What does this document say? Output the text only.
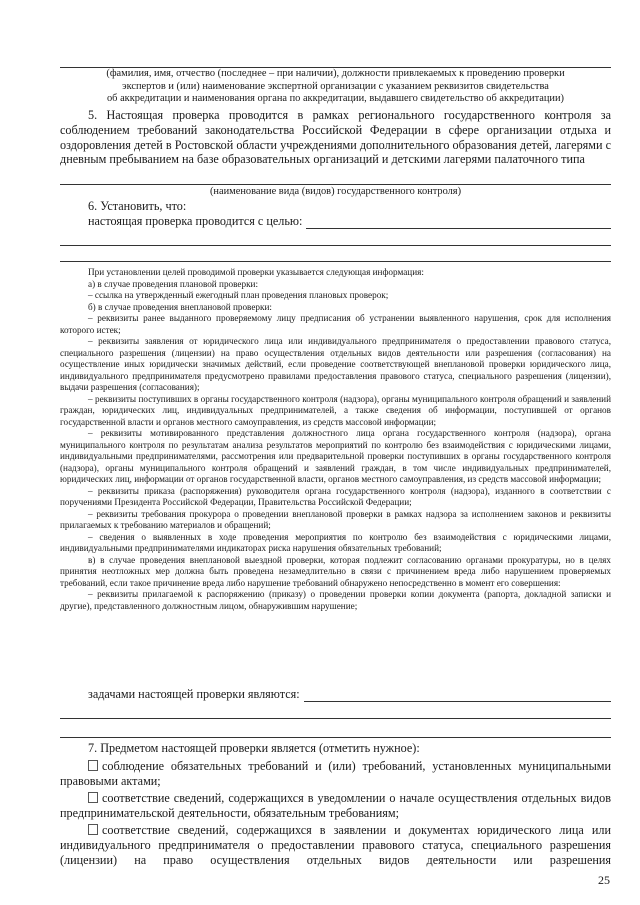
(фамилия, имя, отчество (последнее – при наличии), должности привлекаемых к проведению проверки
экспертов и (или) наименование экспертной организации с указанием реквизитов свидетельства
об аккредитации и наименования органа по аккредитации, выдавшего свидетельство об аккредитации)
5. Настоящая проверка проводится в рамках регионального государственного контроля за соблюдением требований законодательства Российской Федерации в сфере организации отдыха и оздоровления детей в Ростовской области учреждениями дополнительного образования детей, лагерями с дневным пребыванием на базе образовательных организаций и детскими лагерями палаточного типа
(наименование вида (видов) государственного контроля)
6. Установить, что:
настоящая проверка проводится с целью:

При установлении целей проводимой проверки указывается следующая информация:

а) в случае проведения плановой проверки:

– ссылка на утвержденный ежегодный план проведения плановых проверок;

б) в случае проведения внеплановой проверки:

– реквизиты ранее выданного проверяемому лицу предписания об устранении выявленного нарушения, срок для исполнения которого истек;

– реквизиты заявления от юридического лица или индивидуального предпринимателя о предоставлении правового статуса, специального разрешения (лицензии) на право осуществления отдельных видов деятельности или разрешения (согласования) на осуществление иных юридически значимых действий, если проведение соответствующей внеплановой проверки юридического лица, индивидуального предпринимателя предусмотрено правилами предоставления правового статуса, специального разрешения (лицензии), выдачи разрешения (согласования);

– реквизиты поступивших в органы государственного контроля (надзора), органы муниципального контроля обращений и заявлений граждан, юридических лиц, индивидуальных предпринимателей, а также сведения об информации, поступившей от органов государственной власти и органов местного самоуправления, из средств массовой информации;

– реквизиты мотивированного представления должностного лица органа государственного контроля (надзора), органа муниципального контроля по результатам анализа результатов мероприятий по контролю без взаимодействия с юридическими лицами, индивидуальными предпринимателями, рассмотрения или предварительной проверки поступивших в органы государственного контроля (надзора), органы муниципального контроля обращений и заявлений граждан, в том числе индивидуальных предпринимателей, юридических лиц, информации от органов государственной власти, органов местного самоуправления, из средств массовой информации;

– реквизиты приказа (распоряжения) руководителя органа государственного контроля (надзора), изданного в соответствии с поручениями Президента Российской Федерации, Правительства Российской Федерации;

– реквизиты требования прокурора о проведении внеплановой проверки в рамках надзора за исполнением законов и реквизиты прилагаемых к требованию материалов и обращений;

– сведения о выявленных в ходе проведения мероприятия по контролю без взаимодействия с юридическими лицами, индивидуальными предпринимателями индикаторах риска нарушения обязательных требований;

в) в случае проведения внеплановой выездной проверки, которая подлежит согласованию органами прокуратуры, но в целях принятия неотложных мер должна быть проведена незамедлительно в связи с причинением вреда либо нарушением проверяемых требований, если такое причинение вреда либо нарушение требований обнаружено непосредственно в момент его совершения:

– реквизиты прилагаемой к распоряжению (приказу) о проведении проверки копии документа (рапорта, докладной записки и другие), представленного должностным лицом, обнаружившим нарушение;

задачами настоящей проверки являются:
7. Предметом настоящей проверки является (отметить нужное):
соблюдение обязательных требований и (или) требований, установленных муниципальными правовыми актами;
соответствие сведений, содержащихся в уведомлении о начале осуществления отдельных видов предпринимательской деятельности, обязательным требованиям;
соответствие сведений, содержащихся в заявлении и документах юридического лица или индивидуального предпринимателя о предоставлении правового статуса, специального разрешения (лицензии) на право осуществления отдельных видов деятельности или разрешения
25
